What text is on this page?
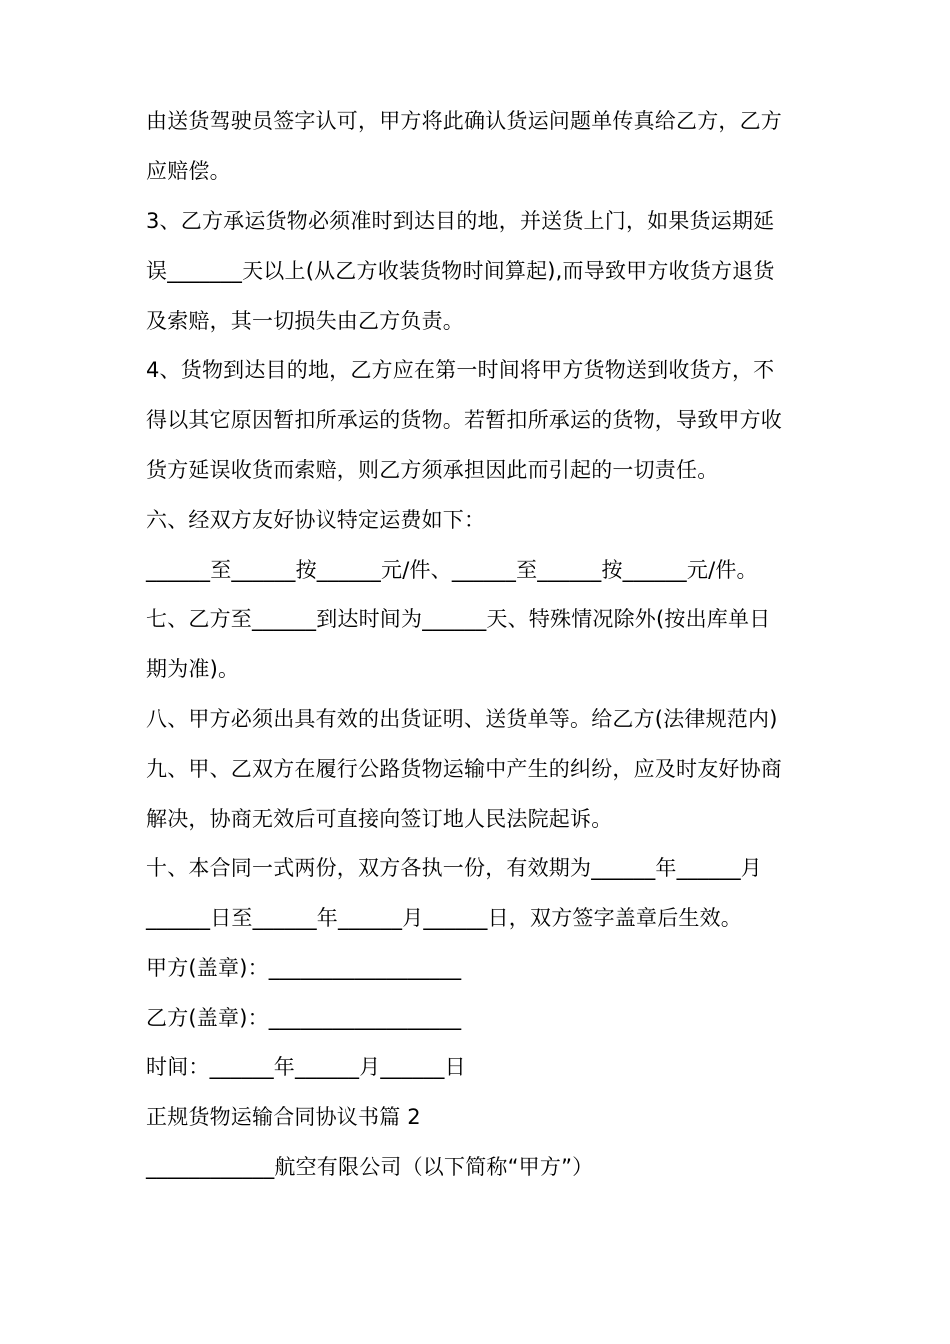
由送货驾驶员签字认可，甲方将此确认货运问题单传真给乙方，乙方
应赔偿。
3、乙方承运货物必须准时到达目的地，并送货上门，如果货运期延
误_______天以上(从乙方收装货物时间算起),而导致甲方收货方退货
及索赔，其一切损失由乙方负责。
4、货物到达目的地，乙方应在第一时间将甲方货物送到收货方，不
得以其它原因暂扣所承运的货物。若暂扣所承运的货物，导致甲方收
货方延误收货而索赔，则乙方须承担因此而引起的一切责任。
六、经双方友好协议特定运费如下：
______至______按______元/件、______至______按______元/件。
七、乙方至______到达时间为______天、特殊情况除外(按出库单日
期为准)。
八、甲方必须出具有效的出货证明、送货单等。给乙方(法律规范内)
九、甲、乙双方在履行公路货物运输中产生的纠纷，应及时友好协商
解决，协商无效后可直接向签订地人民法院起诉。
十、本合同一式两份，双方各执一份，有效期为______年______月
______日至______年______月______日，双方签字盖章后生效。
甲方(盖章)：__________________
乙方(盖章)：__________________
时间：______年______月______日
正规货物运输合同协议书篇 2
____________航空有限公司（以下简称“甲方”）
